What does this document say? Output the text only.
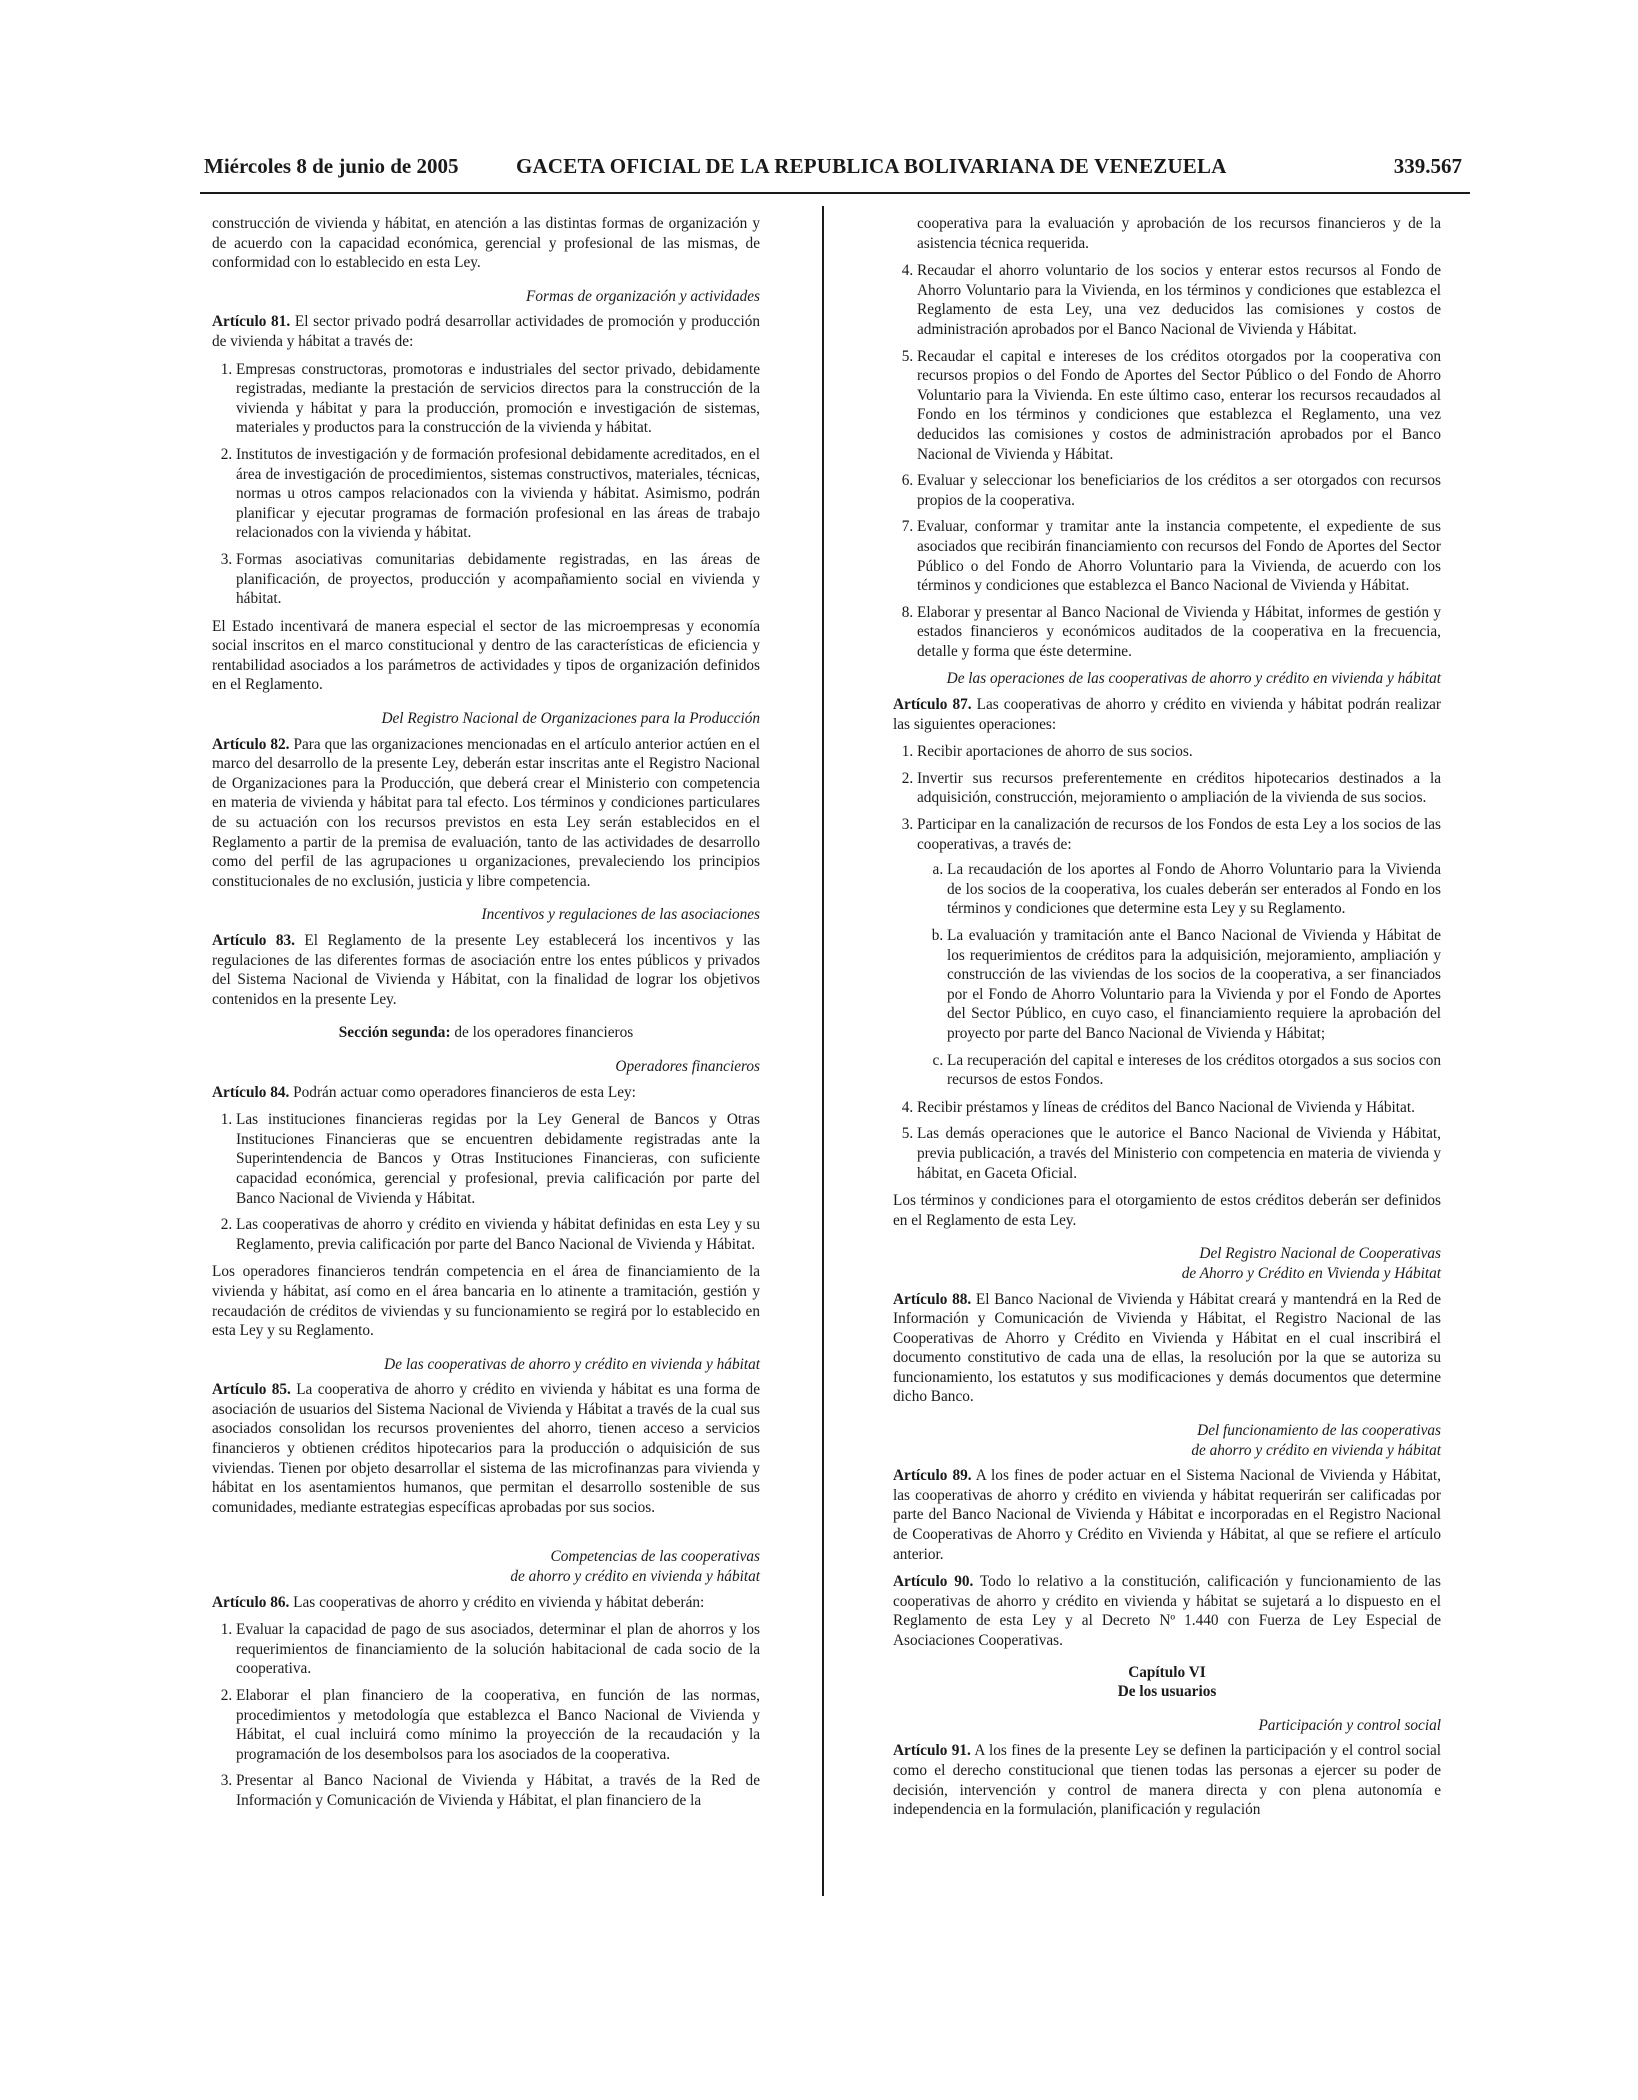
Miércoles 8 de junio de 2005	GACETA OFICIAL DE LA REPUBLICA BOLIVARIANA DE VENEZUELA	339.567

construcción de vivienda y hábitat, en atención a las distintas formas de organización y de acuerdo con la capacidad económica, gerencial y profesional de las mismas, de conformidad con lo establecido en esta Ley.

Formas de organización y actividades

Artículo 81. El sector privado podrá desarrollar actividades de promoción y producción de vivienda y hábitat a través de:

1. Empresas constructoras, promotoras e industriales del sector privado, debidamente registradas, mediante la prestación de servicios directos para la construcción de la vivienda y hábitat y para la producción, promoción e investigación de sistemas, materiales y productos para la construcción de la vivienda y hábitat.
2. Institutos de investigación y de formación profesional debidamente acreditados, en el área de investigación de procedimientos, sistemas constructivos, materiales, técnicas, normas u otros campos relacionados con la vivienda y hábitat. Asimismo, podrán planificar y ejecutar programas de formación profesional en las áreas de trabajo relacionados con la vivienda y hábitat.
3. Formas asociativas comunitarias debidamente registradas, en las áreas de planificación, de proyectos, producción y acompañamiento social en vivienda y hábitat.

El Estado incentivará de manera especial el sector de las microempresas y economía social inscritos en el marco constitucional y dentro de las características de eficiencia y rentabilidad asociados a los parámetros de actividades y tipos de organización definidos en el Reglamento.

Del Registro Nacional de Organizaciones para la Producción

Artículo 82. Para que las organizaciones mencionadas en el artículo anterior actúen en el marco del desarrollo de la presente Ley, deberán estar inscritas ante el Registro Nacional de Organizaciones para la Producción, que deberá crear el Ministerio con competencia en materia de vivienda y hábitat para tal efecto. Los términos y condiciones particulares de su actuación con los recursos previstos en esta Ley serán establecidos en el Reglamento a partir de la premisa de evaluación, tanto de las actividades de desarrollo como del perfil de las agrupaciones u organizaciones, prevaleciendo los principios constitucionales de no exclusión, justicia y libre competencia.

Incentivos y regulaciones de las asociaciones

Artículo 83. El Reglamento de la presente Ley establecerá los incentivos y las regulaciones de las diferentes formas de asociación entre los entes públicos y privados del Sistema Nacional de Vivienda y Hábitat, con la finalidad de lograr los objetivos contenidos en la presente Ley.

Sección segunda: de los operadores financieros

Operadores financieros

Artículo 84. Podrán actuar como operadores financieros de esta Ley:

1. Las instituciones financieras regidas por la Ley General de Bancos y Otras Instituciones Financieras que se encuentren debidamente registradas ante la Superintendencia de Bancos y Otras Instituciones Financieras, con suficiente capacidad económica, gerencial y profesional, previa calificación por parte del Banco Nacional de Vivienda y Hábitat.
2. Las cooperativas de ahorro y crédito en vivienda y hábitat definidas en esta Ley y su Reglamento, previa calificación por parte del Banco Nacional de Vivienda y Hábitat.

Los operadores financieros tendrán competencia en el área de financiamiento de la vivienda y hábitat, así como en el área bancaria en lo atinente a tramitación, gestión y recaudación de créditos de viviendas y su funcionamiento se regirá por lo establecido en esta Ley y su Reglamento.

De las cooperativas de ahorro y crédito en vivienda y hábitat

Artículo 85. La cooperativa de ahorro y crédito en vivienda y hábitat es una forma de asociación de usuarios del Sistema Nacional de Vivienda y Hábitat a través de la cual sus asociados consolidan los recursos provenientes del ahorro, tienen acceso a servicios financieros y obtienen créditos hipotecarios para la producción o adquisición de sus viviendas. Tienen por objeto desarrollar el sistema de las microfinanzas para vivienda y hábitat en los asentamientos humanos, que permitan el desarrollo sostenible de sus comunidades, mediante estrategias específicas aprobadas por sus socios.

Competencias de las cooperativas

de ahorro y crédito en vivienda y hábitat

Artículo 86. Las cooperativas de ahorro y crédito en vivienda y hábitat deberán:

1. Evaluar la capacidad de pago de sus asociados, determinar el plan de ahorros y los requerimientos de financiamiento de la solución habitacional de cada socio de la cooperativa.
2. Elaborar el plan financiero de la cooperativa, en función de las normas, procedimientos y metodología que establezca el Banco Nacional de Vivienda y Hábitat, el cual incluirá como mínimo la proyección de la recaudación y la programación de los desembolsos para los asociados de la cooperativa.
3. Presentar al Banco Nacional de Vivienda y Hábitat, a través de la Red de Información y Comunicación de Vivienda y Hábitat, el plan financiero de la

cooperativa para la evaluación y aprobación de los recursos financieros y de la asistencia técnica requerida.

4. Recaudar el ahorro voluntario de los socios y enterar estos recursos al Fondo de Ahorro Voluntario para la Vivienda, en los términos y condiciones que establezca el Reglamento de esta Ley, una vez deducidos las comisiones y costos de administración aprobados por el Banco Nacional de Vivienda y Hábitat.
5. Recaudar el capital e intereses de los créditos otorgados por la cooperativa con recursos propios o del Fondo de Aportes del Sector Público o del Fondo de Ahorro Voluntario para la Vivienda. En este último caso, enterar los recursos recaudados al Fondo en los términos y condiciones que establezca el Reglamento, una vez deducidos las comisiones y costos de administración aprobados por el Banco Nacional de Vivienda y Hábitat.
6. Evaluar y seleccionar los beneficiarios de los créditos a ser otorgados con recursos propios de la cooperativa.
7. Evaluar, conformar y tramitar ante la instancia competente, el expediente de sus asociados que recibirán financiamiento con recursos del Fondo de Aportes del Sector Público o del Fondo de Ahorro Voluntario para la Vivienda, de acuerdo con los términos y condiciones que establezca el Banco Nacional de Vivienda y Hábitat.
8. Elaborar y presentar al Banco Nacional de Vivienda y Hábitat, informes de gestión y estados financieros y económicos auditados de la cooperativa en la frecuencia, detalle y forma que éste determine.

De las operaciones de las cooperativas de ahorro y crédito en vivienda y hábitat

Artículo 87. Las cooperativas de ahorro y crédito en vivienda y hábitat podrán realizar las siguientes operaciones:

1. Recibir aportaciones de ahorro de sus socios.
2. Invertir sus recursos preferentemente en créditos hipotecarios destinados a la adquisición, construcción, mejoramiento o ampliación de la vivienda de sus socios.
3. Participar en la canalización de recursos de los Fondos de esta Ley a los socios de las cooperativas, a través de:
a. La recaudación de los aportes al Fondo de Ahorro Voluntario para la Vivienda de los socios de la cooperativa, los cuales deberán ser enterados al Fondo en los términos y condiciones que determine esta Ley y su Reglamento.
b. La evaluación y tramitación ante el Banco Nacional de Vivienda y Hábitat de los requerimientos de créditos para la adquisición, mejoramiento, ampliación y construcción de las viviendas de los socios de la cooperativa, a ser financiados por el Fondo de Ahorro Voluntario para la Vivienda y por el Fondo de Aportes del Sector Público, en cuyo caso, el financiamiento requiere la aprobación del proyecto por parte del Banco Nacional de Vivienda y Hábitat;
c. La recuperación del capital e intereses de los créditos otorgados a sus socios con recursos de estos Fondos.
4. Recibir préstamos y líneas de créditos del Banco Nacional de Vivienda y Hábitat.
5. Las demás operaciones que le autorice el Banco Nacional de Vivienda y Hábitat, previa publicación, a través del Ministerio con competencia en materia de vivienda y hábitat, en Gaceta Oficial.

Los términos y condiciones para el otorgamiento de estos créditos deberán ser definidos en el Reglamento de esta Ley.

Del Registro Nacional de Cooperativas

de Ahorro y Crédito en Vivienda y Hábitat

Artículo 88. El Banco Nacional de Vivienda y Hábitat creará y mantendrá en la Red de Información y Comunicación de Vivienda y Hábitat, el Registro Nacional de las Cooperativas de Ahorro y Crédito en Vivienda y Hábitat en el cual inscribirá el documento constitutivo de cada una de ellas, la resolución por la que se autoriza su funcionamiento, los estatutos y sus modificaciones y demás documentos que determine dicho Banco.

Del funcionamiento de las cooperativas

de ahorro y crédito en vivienda y hábitat

Artículo 89. A los fines de poder actuar en el Sistema Nacional de Vivienda y Hábitat, las cooperativas de ahorro y crédito en vivienda y hábitat requerirán ser calificadas por parte del Banco Nacional de Vivienda y Hábitat e incorporadas en el Registro Nacional de Cooperativas de Ahorro y Crédito en Vivienda y Hábitat, al que se refiere el artículo anterior.

Artículo 90. Todo lo relativo a la constitución, calificación y funcionamiento de las cooperativas de ahorro y crédito en vivienda y hábitat se sujetará a lo dispuesto en el Reglamento de esta Ley y al Decreto Nº 1.440 con Fuerza de Ley Especial de Asociaciones Cooperativas.

Capítulo VI

De los usuarios

Participación y control social

Artículo 91. A los fines de la presente Ley se definen la participación y el control social como el derecho constitucional que tienen todas las personas a ejercer su poder de decisión, intervención y control de manera directa y con plena autonomía e independencia en la formulación, planificación y regulación
